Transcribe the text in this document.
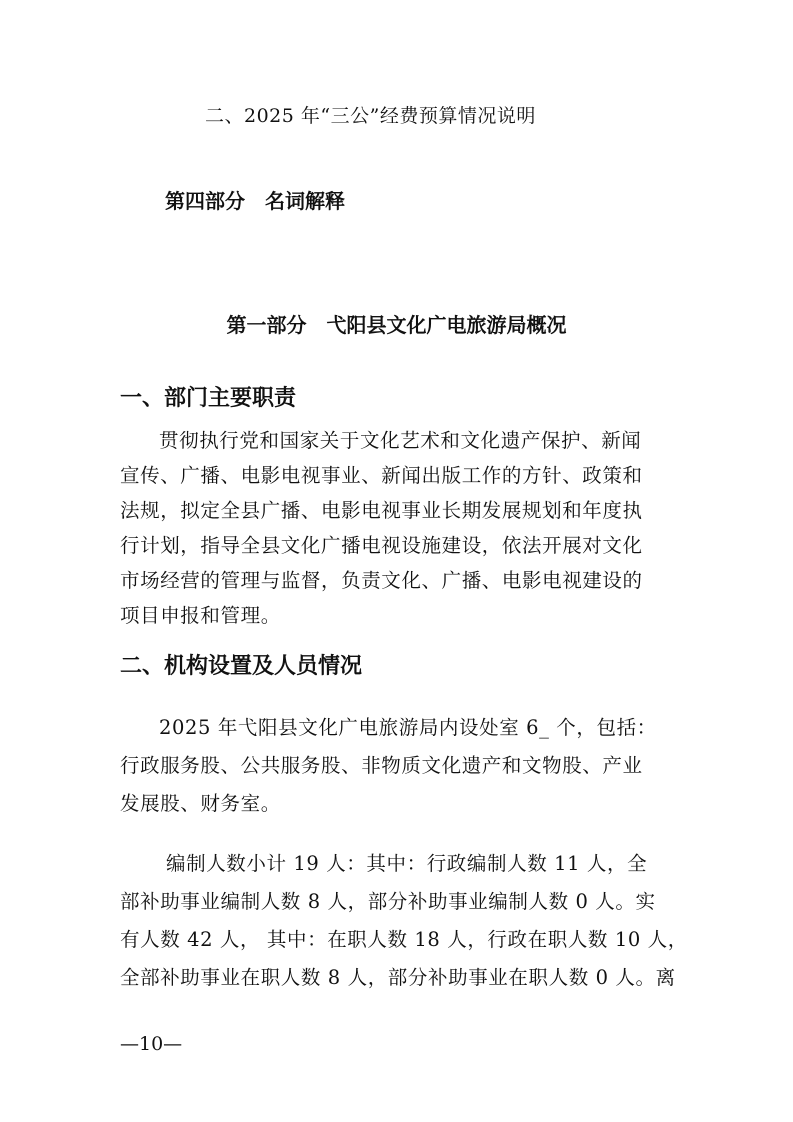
二、2025 年“三公”经费预算情况说明
第四部分　名词解释
第一部分　弋阳县文化广电旅游局概况
一、部门主要职责
贯彻执行党和国家关于文化艺术和文化遗产保护、新闻
宣传、广播、电影电视事业、新闻出版工作的方针、政策和
法规，拟定全县广播、电影电视事业长期发展规划和年度执
行计划，指导全县文化广播电视设施建设，依法开展对文化
市场经营的管理与监督，负责文化、广播、电影电视建设的
项目申报和管理。
二、机构设置及人员情况
2025 年弋阳县文化广电旅游局内设处室 6_ 个，包括：
行政服务股、公共服务股、非物质文化遗产和文物股、产业
发展股、财务室。
编制人数小计 19 人：其中：行政编制人数 11 人，全
部补助事业编制人数 8 人，部分补助事业编制人数 0 人。实
有人数 42 人， 其中：在职人数 18 人，行政在职人数 10 人，
全部补助事业在职人数 8 人，部分补助事业在职人数 0 人。离
—10—
